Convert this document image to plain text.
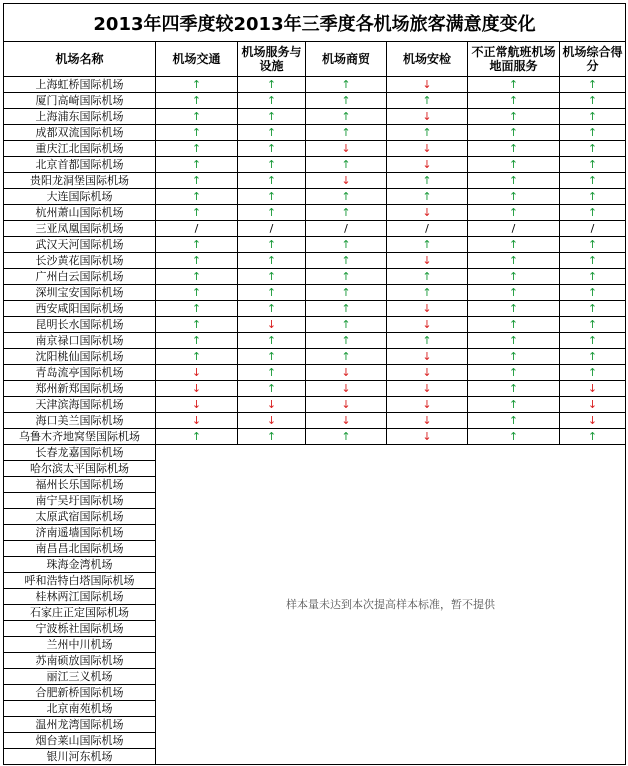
2013年四季度较2013年三季度各机场旅客满意度变化						
机场名称	机场交通	机场服务与设施	机场商贸	机场安检	不正常航班机场地面服务	机场综合得分
上海虹桥国际机场	↑	↑	↑	↓	↑	↑
厦门高崎国际机场	↑	↑	↑	↑	↑	↑
上海浦东国际机场	↑	↑	↑	↓	↑	↑
成都双流国际机场	↑	↑	↑	↑	↑	↑
重庆江北国际机场	↑	↑	↓	↓	↑	↑
北京首都国际机场	↑	↑	↑	↓	↑	↑
贵阳龙洞堡国际机场	↑	↑	↓	↑	↑	↑
大连国际机场	↑	↑	↑	↑	↑	↑
杭州萧山国际机场	↑	↑	↑	↓	↑	↑
三亚凤凰国际机场	/	/	/	/	/	/
武汉天河国际机场	↑	↑	↑	↑	↑	↑
长沙黄花国际机场	↑	↑	↑	↓	↑	↑
广州白云国际机场	↑	↑	↑	↑	↑	↑
深圳宝安国际机场	↑	↑	↑	↑	↑	↑
西安咸阳国际机场	↑	↑	↑	↓	↑	↑
昆明长水国际机场	↑	↓	↑	↓	↑	↑
南京禄口国际机场	↑	↑	↑	↑	↑	↑
沈阳桃仙国际机场	↑	↑	↑	↓	↑	↑
青岛流亭国际机场	↓	↑	↓	↓	↑	↑
郑州新郑国际机场	↓	↑	↓	↓	↑	↓
天津滨海国际机场	↓	↓	↓	↓	↑	↓
海口美兰国际机场	↓	↓	↓	↓	↑	↓
乌鲁木齐地窝堡国际机场	↑	↑	↑	↓	↑	↑
长春龙嘉国际机场	样本量未达到本次提高样本标准，暂不提供					
哈尔滨太平国际机场						
福州长乐国际机场						
南宁吴圩国际机场						
太原武宿国际机场						
济南遥墙国际机场						
南昌昌北国际机场						
珠海金湾机场						
呼和浩特白塔国际机场						
桂林两江国际机场						
石家庄正定国际机场						
宁波栎社国际机场						
兰州中川机场						
苏南硕放国际机场						
丽江三义机场						
合肥新桥国际机场						
北京南苑机场						
温州龙湾国际机场						
烟台莱山国际机场						
银川河东机场						
